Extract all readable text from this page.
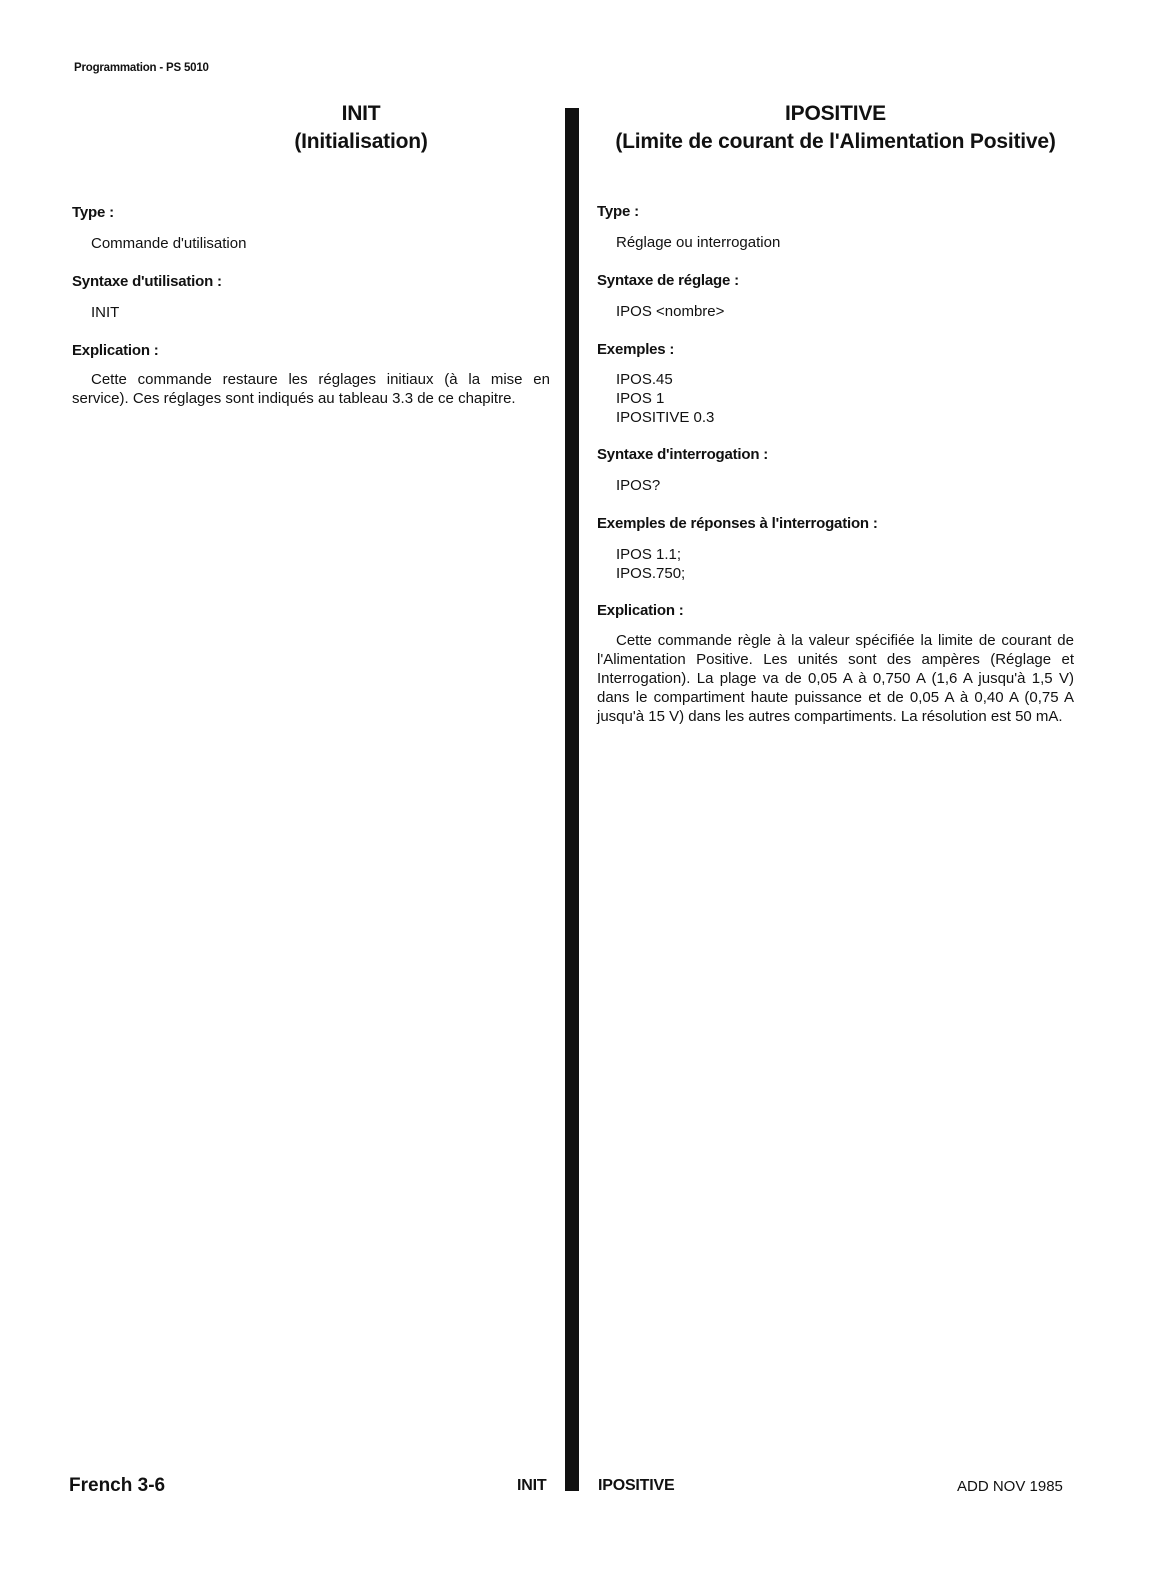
Programmation - PS 5010
INIT
(Initialisation)

Type :

Commande d'utilisation

Syntaxe d'utilisation :

INIT

Explication :

Cette commande restaure les réglages initiaux (à la mise en service). Ces réglages sont indiqués au tableau 3.3 de ce chapitre.

IPOSITIVE
(Limite de courant de l'Alimentation Positive)

Type :

Réglage ou interrogation

Syntaxe de réglage :

IPOS <nombre>

Exemples :

IPOS.45

IPOS 1

IPOSITIVE 0.3

Syntaxe d'interrogation :

IPOS?

Exemples de réponses à l'interrogation :

IPOS 1.1;

IPOS.750;

Explication :

Cette commande règle à la valeur spécifiée la limite de courant de l'Alimentation Positive. Les unités sont des ampères (Réglage et Interrogation). La plage va de 0,05 A à 0,750 A (1,6 A jusqu'à 1,5 V) dans le compartiment haute puissance et de 0,05 A à 0,40 A (0,75 A jusqu'à 15 V) dans les autres compartiments. La résolution est 50 mA.

French 3-6	INIT	IPOSITIVE	ADD NOV 1985
